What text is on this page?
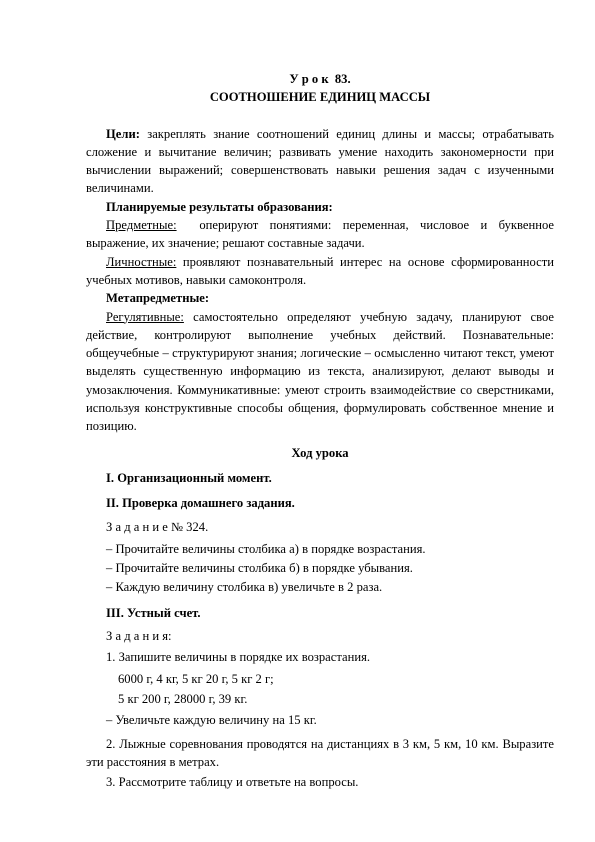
У р о к  83.

СООТНОШЕНИЕ ЕДИНИЦ МАССЫ

Цели: закреплять знание соотношений единиц длины и массы; отрабатывать сложение и вычитание величин; развивать умение находить закономерности при вычислении выражений; совершенствовать навыки решения задач с изученными величинами.

Планируемые результаты образования:

Предметные:  оперируют понятиями: переменная, числовое и буквенное выражение, их значение; решают составные задачи.

Личностные: проявляют познавательный интерес на основе сформированности учебных мотивов, навыки самоконтроля.

Метапредметные:

Регулятивные: самостоятельно определяют учебную задачу, планируют свое действие, контролируют выполнение учебных действий. Познавательные: общеучебные – структурируют знания; логические – осмысленно читают текст, умеют выделять существенную информацию из текста, анализируют, делают выводы и умозаключения. Коммуникативные: умеют строить взаимодействие со сверстниками, используя конструктивные способы общения, формулировать собственное мнение и позицию.

Ход урока

I. Организационный момент.

II. Проверка домашнего задания.

З а д а н и е № 324.

– Прочитайте величины столбика а) в порядке возрастания.

– Прочитайте величины столбика б) в порядке убывания.

– Каждую величину столбика в) увеличьте в 2 раза.

III. Устный счет.

З а д а н и я:

1. Запишите величины в порядке их возрастания.

6000 г, 4 кг, 5 кг 20 г, 5 кг 2 г;

5 кг 200 г, 28000 г, 39 кг.

– Увеличьте каждую величину на 15 кг.

2. Лыжные соревнования проводятся на дистанциях в 3 км, 5 км, 10 км. Выразите эти расстояния в метрах.

3. Рассмотрите таблицу и ответьте на вопросы.
